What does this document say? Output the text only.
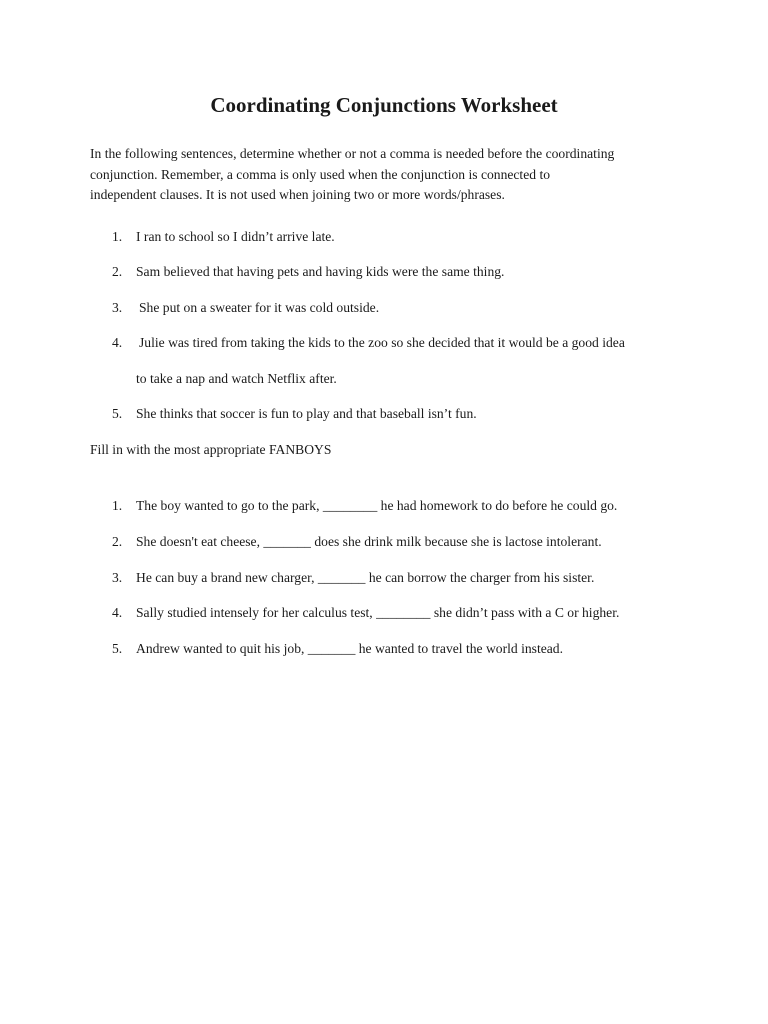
Coordinating Conjunctions Worksheet
In the following sentences, determine whether or not a comma is needed before the coordinating
conjunction. Remember, a comma is only used when the conjunction is connected to
independent clauses. It is not used when joining two or more words/phrases.
1.	I ran to school so I didn’t arrive late.
2.	Sam believed that having pets and having kids were the same thing.
3.	She put on a sweater for it was cold outside.
4.	Julie was tired from taking the kids to the zoo so she decided that it would be a good idea
to take a nap and watch Netflix after.
5.	She thinks that soccer is fun to play and that baseball isn’t fun.
Fill in with the most appropriate FANBOYS
1.	The boy wanted to go to the park, ________ he had homework to do before he could go.
2.	She doesn't eat cheese, _______ does she drink milk because she is lactose intolerant.
3.	He can buy a brand new charger, _______ he can borrow the charger from his sister.
4.	Sally studied intensely for her calculus test, ________ she didn’t pass with a C or higher.
5.	Andrew wanted to quit his job, _______ he wanted to travel the world instead.
